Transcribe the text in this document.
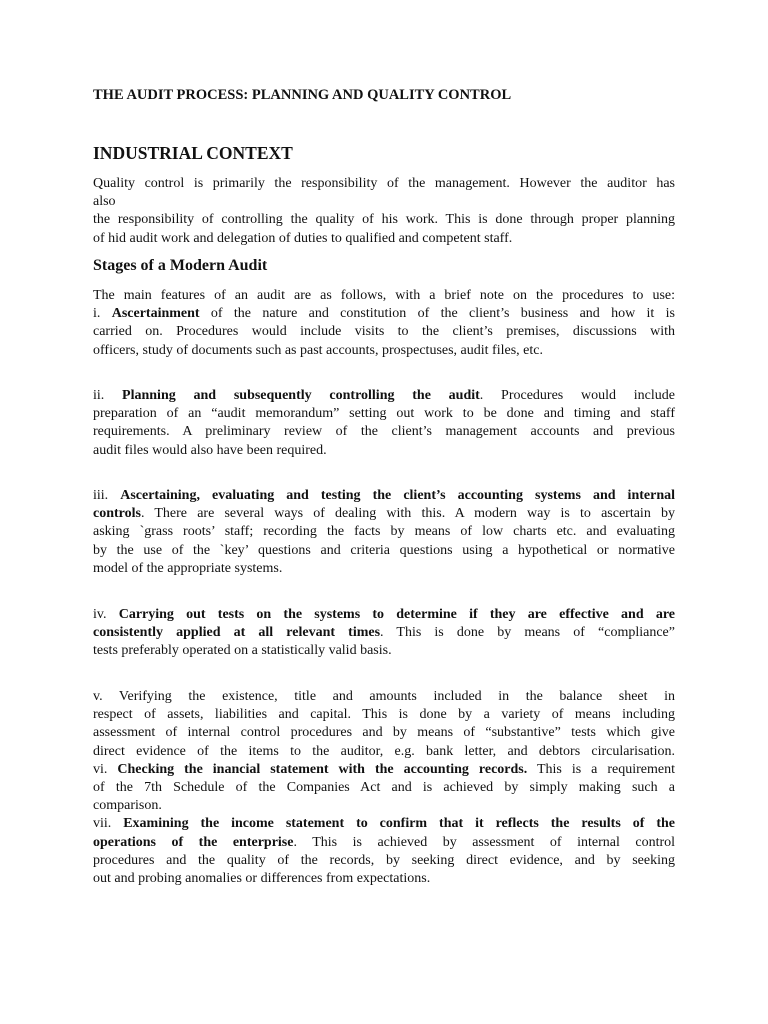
THE AUDIT PROCESS: PLANNING AND QUALITY CONTROL
INDUSTRIAL CONTEXT
Quality control is primarily the responsibility of the management. However the auditor has
also
the responsibility of controlling the quality of his work. This is done through proper planning
of hid audit work and delegation of duties to qualified and competent staff.
Stages of a Modern Audit
The main features of an audit are as follows, with a brief note on the procedures to use:
i. Ascertainment of the nature and constitution of the client’s business and how it is
carried on. Procedures would include visits to the client’s premises, discussions with
officers, study of documents such as past accounts, prospectuses, audit files, etc.
ii. Planning and subsequently controlling the audit. Procedures would include
preparation of an “audit memorandum” setting out work to be done and timing and staff
requirements. A preliminary review of the client’s management accounts and previous
audit files would also have been required.
iii. Ascertaining, evaluating and testing the client’s accounting systems and internal
controls. There are several ways of dealing with this. A modern way is to ascertain by
asking `grass roots’ staff; recording the facts by means of low charts etc. and evaluating
by the use of the `key’ questions and criteria questions using a hypothetical or normative
model of the appropriate systems.
iv. Carrying out tests on the systems to determine if they are effective and are
consistently applied at all relevant times. This is done by means of “compliance”
tests preferably operated on a statistically valid basis.
v. Verifying the existence, title and amounts included in the balance sheet in
respect of assets, liabilities and capital. This is done by a variety of means including
assessment of internal control procedures and by means of “substantive” tests which give
direct evidence of the items to the auditor, e.g. bank letter, and debtors circularisation.
vi. Checking the inancial statement with the accounting records. This is a requirement
of the 7th Schedule of the Companies Act and is achieved by simply making such a
comparison.
vii. Examining the income statement to confirm that it reflects the results of the
operations of the enterprise. This is achieved by assessment of internal control
procedures and the quality of the records, by seeking direct evidence, and by seeking
out and probing anomalies or differences from expectations.
